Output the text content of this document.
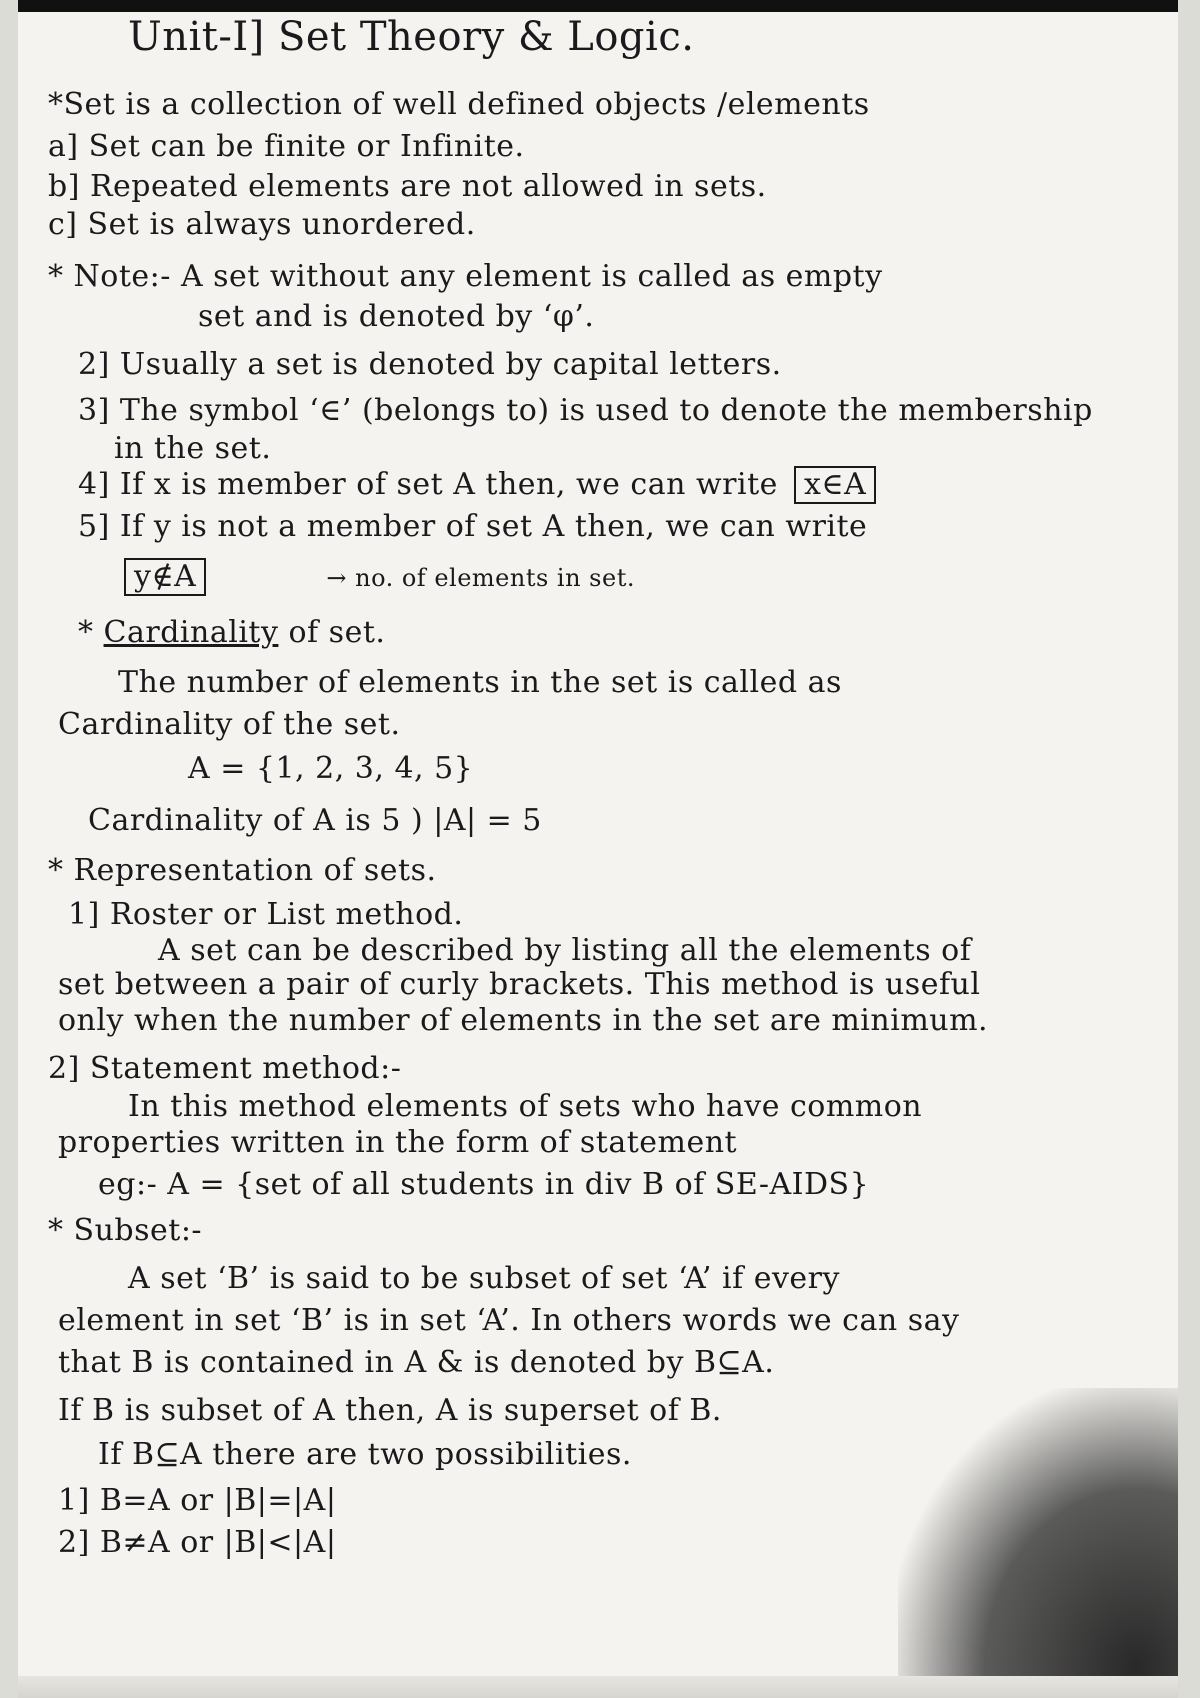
Unit-I] Set Theory & Logic.
*Set is a collection of well defined objects /elements
a] Set can be finite or Infinite.
b] Repeated elements are not allowed in sets.
c] Set is always unordered.
* Note:- A set without any element is called as empty
set and is denoted by ‘φ’.
2] Usually a set is denoted by capital letters.
3] The symbol ‘∈’ (belongs to) is used to denote the membership
in the set.
4] If x is member of set A then, we can write x∈A
5] If y is not a member of set A then, we can write
y∉A	→ no. of elements in set.
* Cardinality of set.
The number of elements in the set is called as
Cardinality of the set.
A = {1, 2, 3, 4, 5}
Cardinality of A is 5 ) |A| = 5
* Representation of sets.
1] Roster or List method.
A set can be described by listing all the elements of
set between a pair of curly brackets. This method is useful
only when the number of elements in the set are minimum.
2] Statement method:-
In this method elements of sets who have common
properties written in the form of statement
eg:- A = {set of all students in div B of SE-AIDS}
* Subset:-
A set ‘B’ is said to be subset of set ‘A’ if every
element in set ‘B’ is in set ‘A’. In others words we can say
that B is contained in A & is denoted by B⊆A.
If B is subset of A then, A is superset of B.
If B⊆A there are two possibilities.
1] B=A or |B|=|A|
2] B≠A or |B|<|A|
